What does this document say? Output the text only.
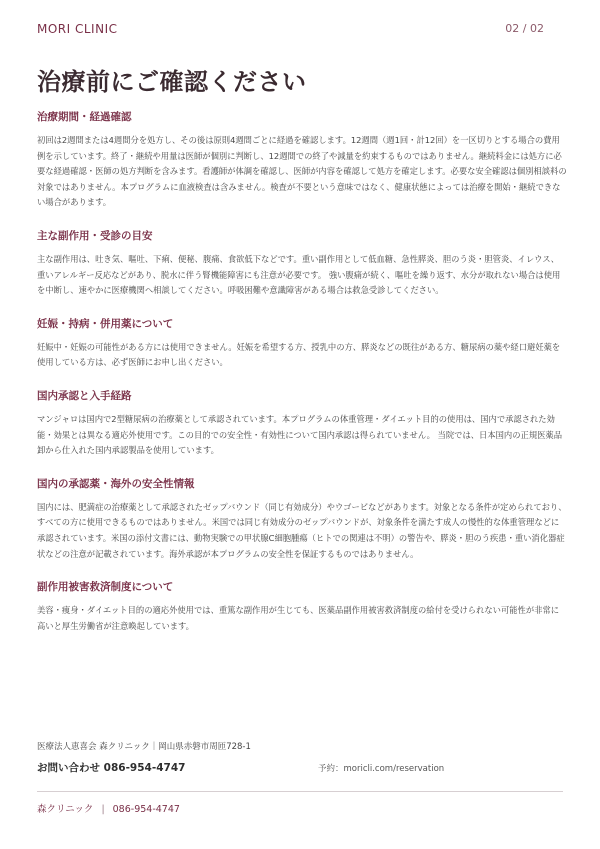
MORI CLINIC	02 / 02
治療前にご確認ください
治療期間・経過確認

初回は2週間または4週間分を処方し、その後は原則4週間ごとに経過を確認します。12週間（週1回・計12回）を一区切りとする場合の費用例を示しています。終了・継続や用量は医師が個別に判断し、12週間での終了や減量を約束するものではありません。継続料金には処方に必要な経過確認・医師の処方判断を含みます。看護師が体調を確認し、医師が内容を確認して処方を確定します。必要な安全確認は個別相談料の対象ではありません。本プログラムに血液検査は含みません。検査が不要という意味ではなく、健康状態によっては治療を開始・継続できない場合があります。

主な副作用・受診の目安

主な副作用は、吐き気、嘔吐、下痢、便秘、腹痛、食欲低下などです。重い副作用として低血糖、急性膵炎、胆のう炎・胆管炎、イレウス、重いアレルギー反応などがあり、脱水に伴う腎機能障害にも注意が必要です。 強い腹痛が続く、嘔吐を繰り返す、水分が取れない場合は使用を中断し、速やかに医療機関へ相談してください。呼吸困難や意識障害がある場合は救急受診してください。

妊娠・持病・併用薬について

妊娠中・妊娠の可能性がある方には使用できません。妊娠を希望する方、授乳中の方、膵炎などの既往がある方、糖尿病の薬や経口避妊薬を使用している方は、必ず医師にお申し出ください。

国内承認と入手経路

マンジャロは国内で2型糖尿病の治療薬として承認されています。本プログラムの体重管理・ダイエット目的の使用は、国内で承認された効能・効果とは異なる適応外使用です。この目的での安全性・有効性について国内承認は得られていません。 当院では、日本国内の正規医薬品卸から仕入れた国内承認製品を使用しています。

国内の承認薬・海外の安全性情報

国内には、肥満症の治療薬として承認されたゼップバウンド（同じ有効成分）やウゴービなどがあります。対象となる条件が定められており、すべての方に使用できるものではありません。米国では同じ有効成分のゼップバウンドが、対象条件を満たす成人の慢性的な体重管理などに承認されています。米国の添付文書には、動物実験での甲状腺C細胞腫瘍（ヒトでの関連は不明）の警告や、膵炎・胆のう疾患・重い消化器症状などの注意が記載されています。海外承認が本プログラムの安全性を保証するものではありません。

副作用被害救済制度について

美容・痩身・ダイエット目的の適応外使用では、重篤な副作用が生じても、医薬品副作用被害救済制度の給付を受けられない可能性が非常に高いと厚生労働省が注意喚起しています。

医療法人恵喜会 森クリニック｜岡山県赤磐市周匝728-1
お問い合わせ 086-954-4747	予約：moricli.com/reservation
森クリニック | 086-954-4747
